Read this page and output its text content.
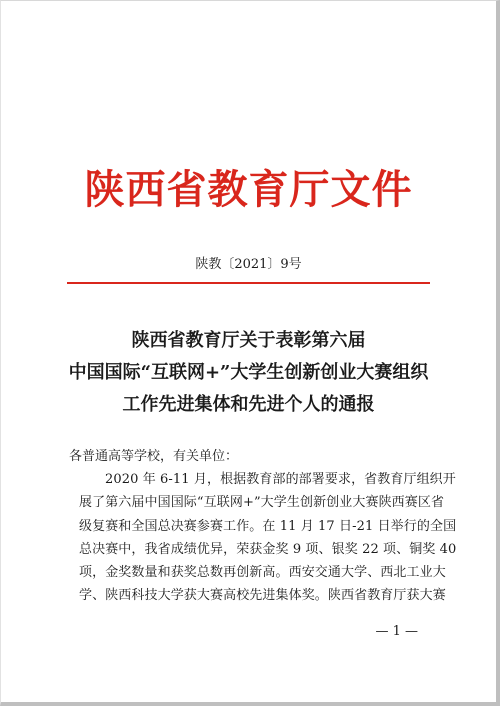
陕西省教育厅文件
陕教〔2021〕9号
陕西省教育厅关于表彰第六届
中国国际“互联网+”大学生创新创业大赛组织
工作先进集体和先进个人的通报
各普通高等学校，有关单位：
2020 年 6-11 月，根据教育部的部署要求，省教育厅组织开
展了第六届中国国际“互联网+”大学生创新创业大赛陕西赛区省
级复赛和全国总决赛参赛工作。在 11 月 17 日-21 日举行的全国
总决赛中，我省成绩优异，荣获金奖 9 项、银奖 22 项、铜奖 40
项，金奖数量和获奖总数再创新高。西安交通大学、西北工业大
学、陕西科技大学获大赛高校先进集体奖。陕西省教育厅获大赛
— 1 —
